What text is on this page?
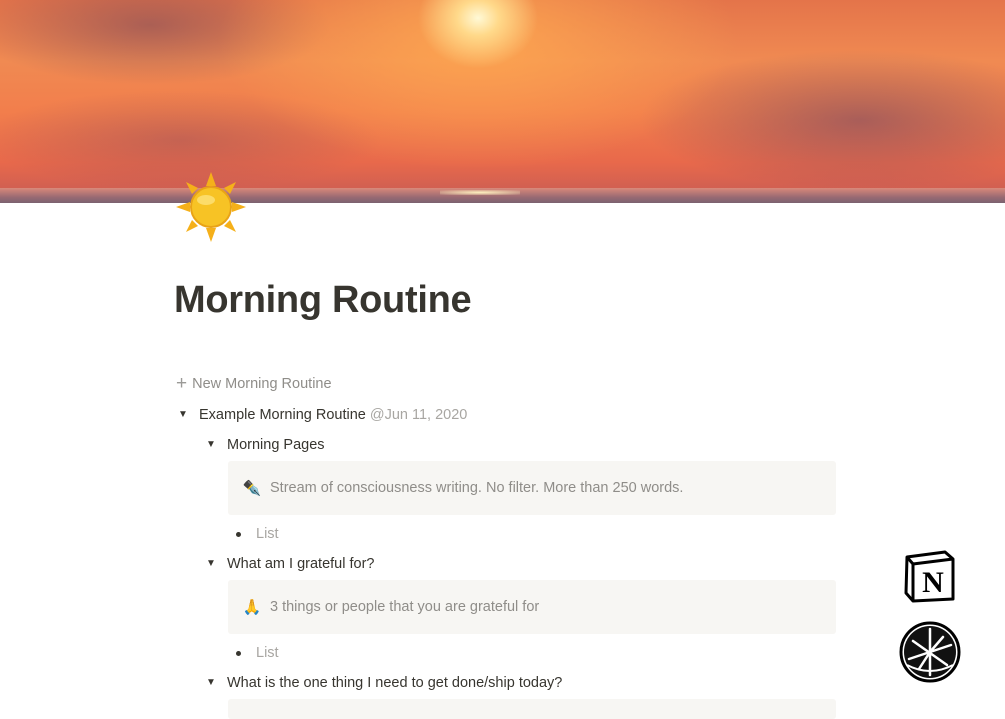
Morning Routine
+ New Morning Routine
▼ Example Morning Routine @Jun 11, 2020
▼ Morning Pages
✒️ Stream of consciousness writing. No filter. More than 250 words.
List
▼ What am I grateful for?
🙏 3 things or people that you are grateful for
List
▼ What is the one thing I need to get done/ship today?
N
